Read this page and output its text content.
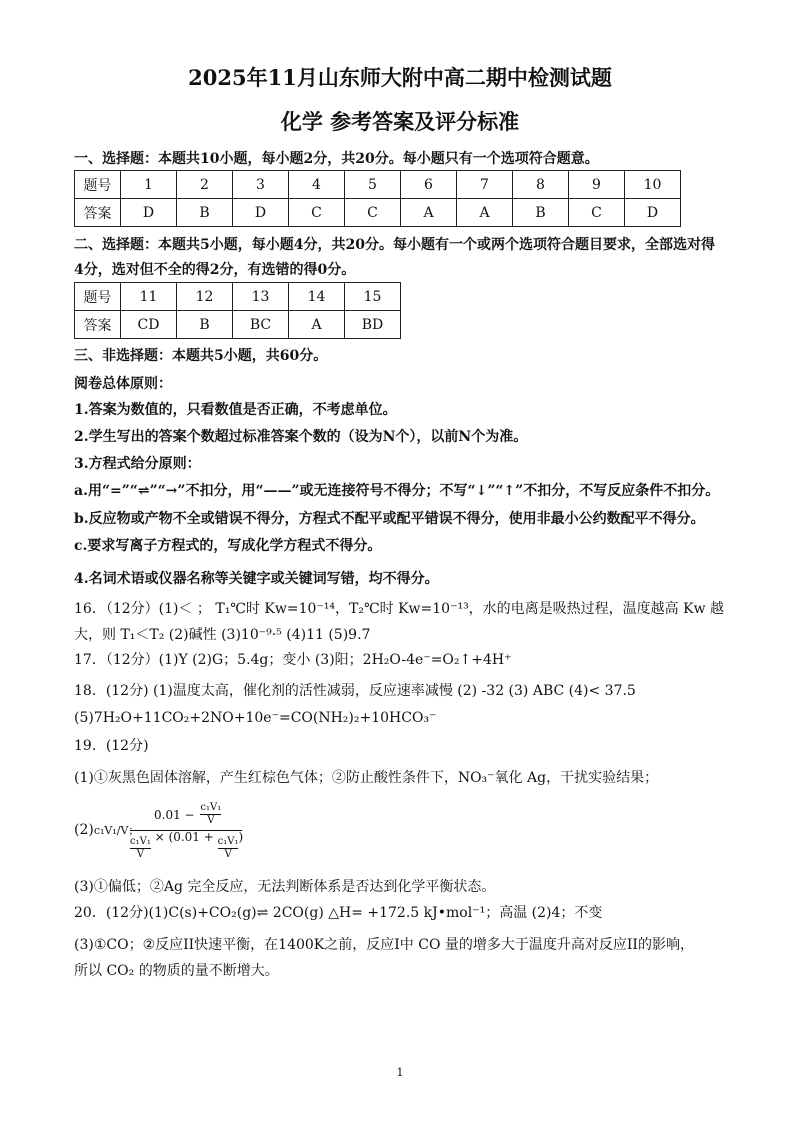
2025年11月山东师大附中高二期中检测试题
化学 参考答案及评分标准
一、选择题：本题共10小题，每小题2分，共20分。每小题只有一个选项符合题意。
题号	1	2	3	4	5	6	7	8	9	10
答案	D	B	D	C	C	A	A	B	C	D
二、选择题：本题共5小题，每小题4分，共20分。每小题有一个或两个选项符合题目要求，全部选对得
4分，选对但不全的得2分，有选错的得0分。
题号	11	12	13	14	15
答案	CD	B	BC	A	BD
三、非选择题：本题共5小题，共60分。
阅卷总体原则：
1.答案为数值的，只看数值是否正确，不考虑单位。
2.学生写出的答案个数超过标准答案个数的（设为N个），以前N个为准。
3.方程式给分原则：
a.用“=”“⇌”“→”不扣分，用“——”或无连接符号不得分；不写“↓”“↑”不扣分，不写反应条件不扣分。
b.反应物或产物不全或错误不得分，方程式不配平或配平错误不得分，使用非最小公约数配平不得分。
c.要求写离子方程式的，写成化学方程式不得分。
4.名词术语或仪器名称等关键字或关键词写错，均不得分。
16．（12分）(1)＜ ； T₁℃时 Kw=10⁻¹⁴，T₂℃时 Kw=10⁻¹³，水的电离是吸热过程，温度越高 Kw 越
大，则 T₁＜T₂ (2)碱性 (3)10⁻⁹·⁵ (4)11 (5)9.7
17．（12分）(1)Y (2)G；5.4g；变小 (3)阳；2H₂O-4e⁻=O₂↑+4H⁺
18．(12分) (1)温度太高，催化剂的活性减弱，反应速率减慢 (2) -32 (3) ABC (4)< 37.5
(5)7H₂O+11CO₂+2NO+10e⁻=CO(NH₂)₂+10HCO₃⁻
19．(12分)
(1)①灰黑色固体溶解，产生红棕色气体；②防止酸性条件下，NO₃⁻氧化 Ag，干扰实验结果；
(2)c₁V₁/V；
$0.01 - \frac{\text{c₁V₁}}{V}$
$\frac{\text{c₁V₁}}{V} \times (0.01 + \frac{\text{c₁V₁}}{V}$ )
(3)①偏低；②Ag 完全反应，无法判断体系是否达到化学平衡状态。
20．(12分)(1)C(s)+CO₂(g)⇌ 2CO(g) △H= +172.5 kJ•mol⁻¹；高温 (2)4；不变
(3)①CO；②反应II快速平衡，在1400K之前，反应I中 CO 量的增多大于温度升高对反应II的影响，
所以 CO₂ 的物质的量不断增大。
1
